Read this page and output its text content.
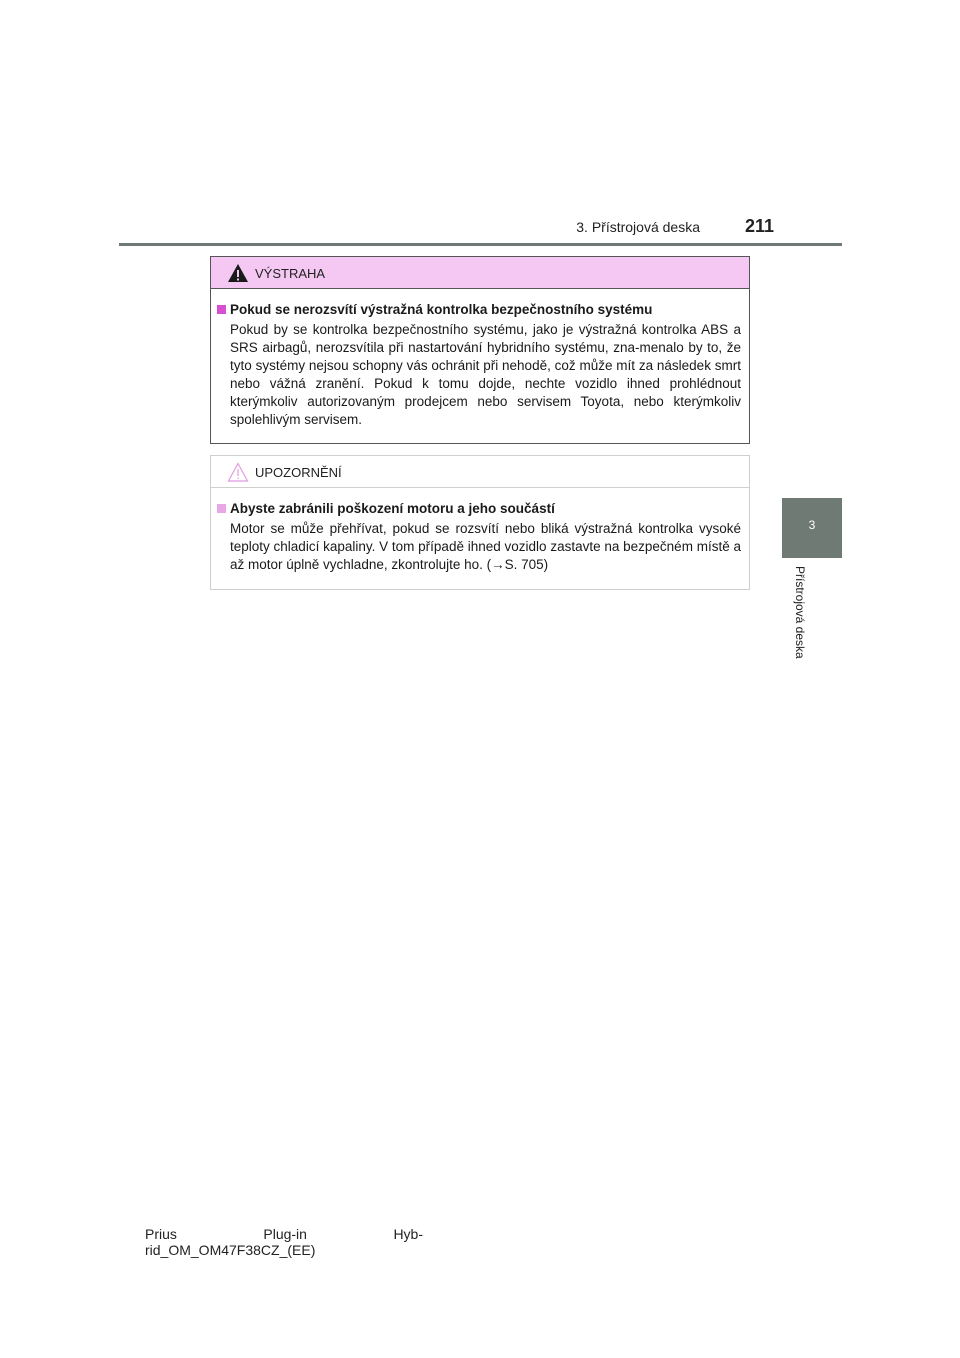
3. Přístrojová deska	211
3
Přístrojová deska
VÝSTRAHA
Pokud se nerozsvítí výstražná kontrolka bezpečnostního systému
Pokud by se kontrolka bezpečnostního systému, jako je výstražná kontrolka ABS a SRS airbagů, nerozsvítila při nastartování hybridního systému, zna-menalo by to, že tyto systémy nejsou schopny vás ochránit při nehodě, což může mít za následek smrt nebo vážná zranění. Pokud k tomu dojde, nechte vozidlo ihned prohlédnout kterýmkoliv autorizovaným prodejcem nebo servisem Toyota, nebo kterýmkoliv spolehlivým servisem.
UPOZORNĚNÍ
Abyste zabránili poškození motoru a jeho součástí
Motor se může přehřívat, pokud se rozsvítí nebo bliká výstražná kontrolka vysoké teploty chladicí kapaliny. V tom případě ihned vozidlo zastavte na bezpečném místě a až motor úplně vychladne, zkontrolujte ho. (→S. 705)
Prius	Plug-in	Hyb-
rid_OM_OM47F38CZ_(EE)
